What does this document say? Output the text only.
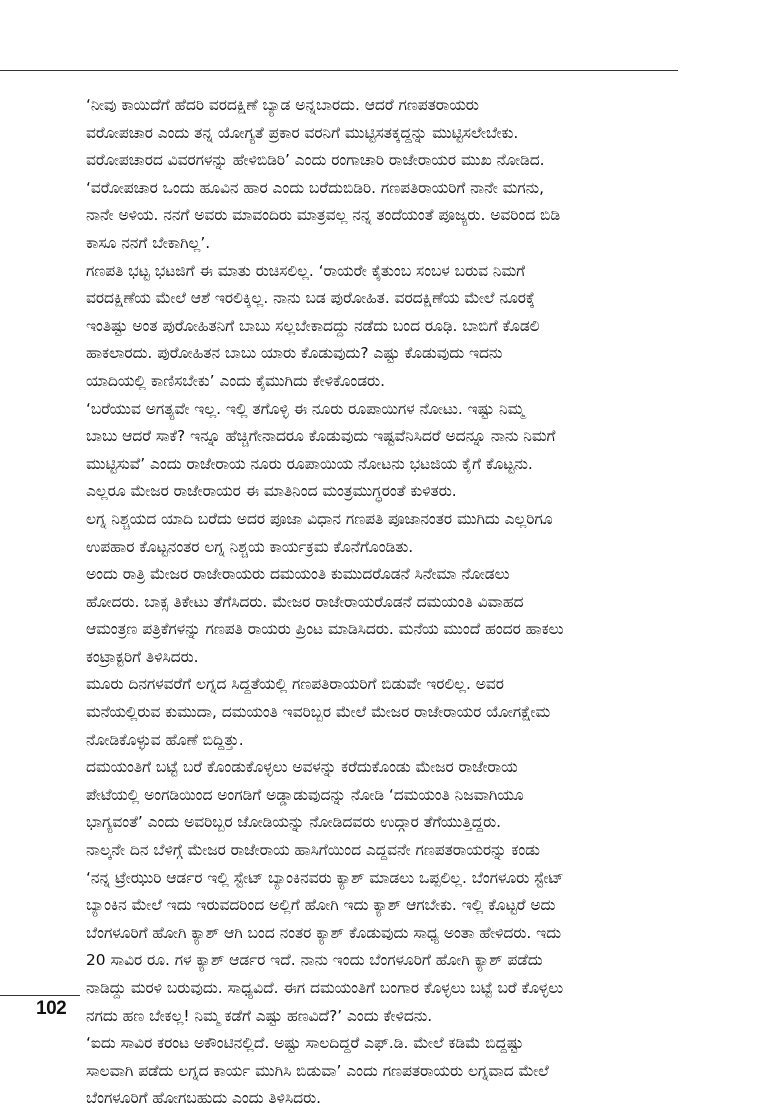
‘ನೀವು ಕಾಯಿದೆಗೆ ಹೆದರಿ ವರದಕ್ಷಿಣೆ ಬ್ಯಾಡ ಅನ್ನಬಾರದು. ಆದರೆ ಗಣಪತರಾಯರು
ವರೋಪಚಾರ ಎಂದು ತನ್ನ ಯೋಗ್ಯತೆ ಪ್ರಕಾರ ವರನಿಗೆ ಮುಟ್ಟಿಸತಕ್ಕದ್ದನ್ನು ಮುಟ್ಟಿಸಲೇಬೇಕು.
ವರೋಪಚಾರದ ವಿವರಗಳನ್ನು ಹೇಳಿಬಿಡಿರಿ’ ಎಂದು ರಂಗಾಚಾರಿ ರಾಜೇರಾಯರ ಮುಖ ನೋಡಿದ.

‘ವರೋಪಚಾರ ಒಂದು ಹೂವಿನ ಹಾರ ಎಂದು ಬರೆದುಬಿಡಿರಿ. ಗಣಪತಿರಾಯರಿಗೆ ನಾನೇ ಮಗನು,
ನಾನೇ ಅಳಿಯ. ನನಗೆ ಅವರು ಮಾವಂದಿರು ಮಾತ್ರವಲ್ಲ ನನ್ನ ತಂದೆಯಂತೆ ಪೂಜ್ಯರು. ಅವರಿಂದ ಬಿಡಿ
ಕಾಸೂ ನನಗೆ ಬೇಕಾಗಿಲ್ಲ’.

ಗಣಪತಿ ಭಟ್ಟ ಭಟಜಿಗೆ ಈ ಮಾತು ರುಚಿಸಲಿಲ್ಲ. ‘ರಾಯರೇ ಕೈತುಂಬ ಸಂಬಳ ಬರುವ ನಿಮಗೆ
ವರದಕ್ಷಿಣೆಯ ಮೇಲೆ ಆಶೆ ಇರಲಿಕ್ಕಿಲ್ಲ. ನಾನು ಬಡ ಪುರೋಹಿತ. ವರದಕ್ಷಿಣೆಯ ಮೇಲೆ ನೂರಕ್ಕೆ
ಇಂತಿಷ್ಟು ಅಂತ ಪುರೋಹಿತನಿಗೆ ಬಾಬು ಸಲ್ಲಬೇಕಾದದ್ದು ನಡೆದು ಬಂದ ರೂಢಿ. ಬಾಬಿಗೆ ಕೊಡಲಿ
ಹಾಕಲಾರದು. ಪುರೋಹಿತನ ಬಾಬು ಯಾರು ಕೊಡುವುದು? ಎಷ್ಟು ಕೊಡುವುದು ಇದನು
ಯಾದಿಯಲ್ಲಿ ಕಾಣಿಸಬೇಕು’ ಎಂದು ಕೈಮುಗಿದು ಕೇಳಿಕೊಂಡರು.

‘ಬರೆಯುವ ಅಗತ್ಯವೇ ಇಲ್ಲ. ಇಲ್ಲಿ ತಗೊಳ್ಳಿ ಈ ನೂರು ರೂಪಾಯಿಗಳ ನೋಟು. ಇಷ್ಟು ನಿಮ್ಮ
ಬಾಬು ಆದರೆ ಸಾಕೆ? ಇನ್ನೂ ಹೆಚ್ಚಿಗೇನಾದರೂ ಕೊಡುವುದು ಇಷ್ಟವೆನಿಸಿದರೆ ಅದನ್ನೂ ನಾನು ನಿಮಗೆ
ಮುಟ್ಟಿಸುವೆ’ ಎಂದು ರಾಜೇರಾಯ ನೂರು ರೂಪಾಯಿಯ ನೋಟನು ಭಟಜಿಯ ಕೈಗೆ ಕೊಟ್ಟನು.

ಎಲ್ಲರೂ ಮೇಜರ ರಾಜೇರಾಯರ ಈ ಮಾತಿನಿಂದ ಮಂತ್ರಮುಗ್ಧರಂತೆ ಕುಳಿತರು.

ಲಗ್ನ ನಿಶ್ಚಯದ ಯಾದಿ ಬರೆದು ಅದರ ಪೂಜಾ ವಿಧಾನ ಗಣಪತಿ ಪೂಜಾನಂತರ ಮುಗಿದು ಎಲ್ಲರಿಗೂ
ಉಪಹಾರ ಕೊಟ್ಟನಂತರ ಲಗ್ನ ನಿಶ್ಚಯ ಕಾರ್ಯಕ್ರಮ ಕೊನೆಗೊಂಡಿತು.

ಅಂದು ರಾತ್ರಿ ಮೇಜರ ರಾಜೇರಾಯರು ದಮಯಂತಿ ಕುಮುದರೊಡನೆ ಸಿನೇಮಾ ನೋಡಲು
ಹೋದರು. ಬಾಕ್ಸ ತಿಕೇಟು ತೆಗೆಸಿದರು. ಮೇಜರ ರಾಜೇರಾಯರೊಡನೆ ದಮಯಂತಿ ವಿವಾಹದ
ಆಮಂತ್ರಣ ಪತ್ರಿಕೆಗಳನ್ನು ಗಣಪತಿ ರಾಯರು ಪ್ರಿಂಟ ಮಾಡಿಸಿದರು. ಮನೆಯ ಮುಂದೆ ಹಂದರ ಹಾಕಲು
ಕಂಟ್ರಾಕ್ಟರಿಗೆ ತಿಳಿಸಿದರು.

ಮೂರು ದಿನಗಳವರೆಗೆ ಲಗ್ನದ ಸಿದ್ದತೆಯಲ್ಲಿ ಗಣಪತಿರಾಯರಿಗೆ ಬಿಡುವೇ ಇರಲಿಲ್ಲ. ಅವರ
ಮನೆಯಲ್ಲಿರುವ ಕುಮುದಾ, ದಮಯಂತಿ ಇವರಿಬ್ಬರ ಮೇಲೆ ಮೇಜರ ರಾಜೇರಾಯರ ಯೋಗಕ್ಷೇಮ
ನೋಡಿಕೊಳ್ಳುವ ಹೊಣೆ ಬಿದ್ದಿತ್ತು.

ದಮಯಂತಿಗೆ ಬಟ್ಟೆ ಬರೆ ಕೊಂಡುಕೊಳ್ಳಲು ಅವಳನ್ನು ಕರೆದುಕೊಂಡು ಮೇಜರ ರಾಜೇರಾಯ
ಪೇಟೆಯಲ್ಲಿ ಅಂಗಡಿಯಿಂದ ಅಂಗಡಿಗೆ ಅಡ್ಡಾಡುವುದನ್ನು ನೋಡಿ ‘ದಮಯಂತಿ ನಿಜವಾಗಿಯೂ
ಭಾಗ್ಯವಂತೆ’ ಎಂದು ಅವರಿಬ್ಬರ ಜೋಡಿಯನ್ನು ನೋಡಿದವರು ಉದ್ಗಾರ ತೆಗೆಯುತ್ತಿದ್ದರು.

ನಾಲ್ಕನೇ ದಿನ ಬೆಳಿಗ್ಗೆ ಮೇಜರ ರಾಜೇರಾಯ ಹಾಸಿಗೆಯಿಂದ ಎದ್ದವನೇ ಗಣಪತರಾಯರನ್ನು ಕಂಡು
‘ನನ್ನ ಟ್ರೇಝುರಿ ಆರ್ಡರ ಇಲ್ಲಿ ಸ್ಟೇಟ್ ಬ್ಯಾಂಕಿನವರು ಕ್ಯಾಶ್ ಮಾಡಲು ಒಪ್ಪಲಿಲ್ಲ. ಬೆಂಗಳೂರು ಸ್ಟೇಟ್
ಬ್ಯಾಂಕಿನ ಮೇಲೆ ಇದು ಇರುವದರಿಂದ ಅಲ್ಲಿಗೆ ಹೋಗಿ ಇದು ಕ್ಯಾಶ್ ಆಗಬೇಕು. ಇಲ್ಲಿ ಕೊಟ್ಟರೆ ಅದು
ಬೆಂಗಳೂರಿಗೆ ಹೋಗಿ ಕ್ಯಾಶ್ ಆಗಿ ಬಂದ ನಂತರ ಕ್ಯಾಶ್ ಕೊಡುವುದು ಸಾಧ್ಯ ಅಂತಾ ಹೇಳಿದರು. ಇದು
20 ಸಾವಿರ ರೂ. ಗಳ ಕ್ಯಾಶ್ ಆರ್ಡರ ಇದೆ. ನಾನು ಇಂದು ಬೆಂಗಳೂರಿಗೆ ಹೋಗಿ ಕ್ಯಾಶ್ ಪಡೆದು
ನಾಡಿದ್ದು ಮರಳಿ ಬರುವುದು. ಸಾಧ್ಯವಿದೆ. ಈಗ ದಮಯಂತಿಗೆ ಬಂಗಾರ ಕೊಳ್ಳಲು ಬಟ್ಟೆ ಬರೆ ಕೊಳ್ಳಲು
ನಗದು ಹಣ ಬೇಕಲ್ಲ! ನಿಮ್ಮ ಕಡೆಗೆ ಎಷ್ಟು ಹಣವಿದೆ?’ ಎಂದು ಕೇಳಿದನು.

‘ಐದು ಸಾವಿರ ಕರಂಟ ಅಕೌಂಟಿನಲ್ಲಿದೆ. ಅಷ್ಟು ಸಾಲದಿದ್ದರೆ ಎಫ್.ಡಿ. ಮೇಲೆ ಕಡಿಮೆ ಬಿದ್ದಷ್ಟು
ಸಾಲವಾಗಿ ಪಡೆದು ಲಗ್ನದ ಕಾರ್ಯ ಮುಗಿಸಿ ಬಿಡುವಾ’ ಎಂದು ಗಣಪತರಾಯರು ಲಗ್ನವಾದ ಮೇಲೆ
ಬೆಂಗಳೂರಿಗೆ ಹೋಗಬಹುದು ಎಂದು ತಿಳಿಸಿದರು.

102
